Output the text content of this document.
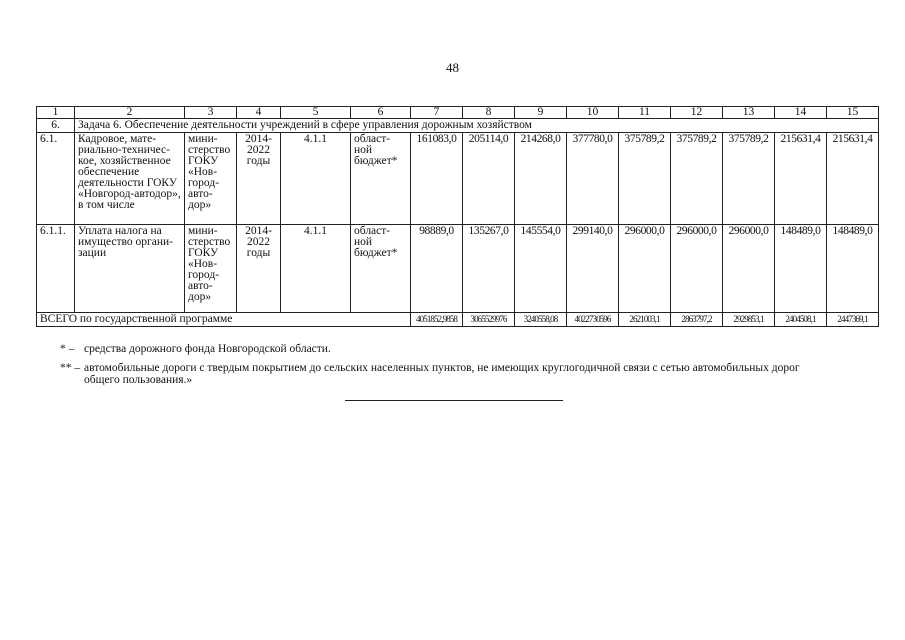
48
1	2	3	4	5	6	7	8	9	10	11	12	13	14	15
6.	Задача 6. Обеспечение деятельности учреждений в сфере управления дорожным хозяйством													
6.1.	Кадровое, мате-риально-техничес-кое, хозяйственное обеспечение деятельности ГОКУ «Новгород-автодор», в том числе	мини-стерство ГОКУ «Нов-город-авто-дор»	2014-2022 годы	4.1.1	област-ной бюджет*	161083,0	205114,0	214268,0	377780,0	375789,2	375789,2	375789,2	215631,4	215631,4
6.1.1.	Уплата налога на имущество органи-зации	мини-стерство ГОКУ «Нов-город-авто-дор»	2014-2022 годы	4.1.1	област-ной бюджет*	98889,0	135267,0	145554,0	299140,0	296000,0	296000,0	296000,0	148489,0	148489,0
ВСЕГО по государственной программе						4051852,9858	3065529976	3240558,08	4022730596	2621003,1	2863797,2	2929853,1	2404508,1	2447369,1
* – средства дорожного фонда Новгородской области.
** – автомобильные дороги с твердым покрытием до сельских населенных пунктов, не имеющих круглогодичной связи с сетью автомобильных дорог общего пользования.»
